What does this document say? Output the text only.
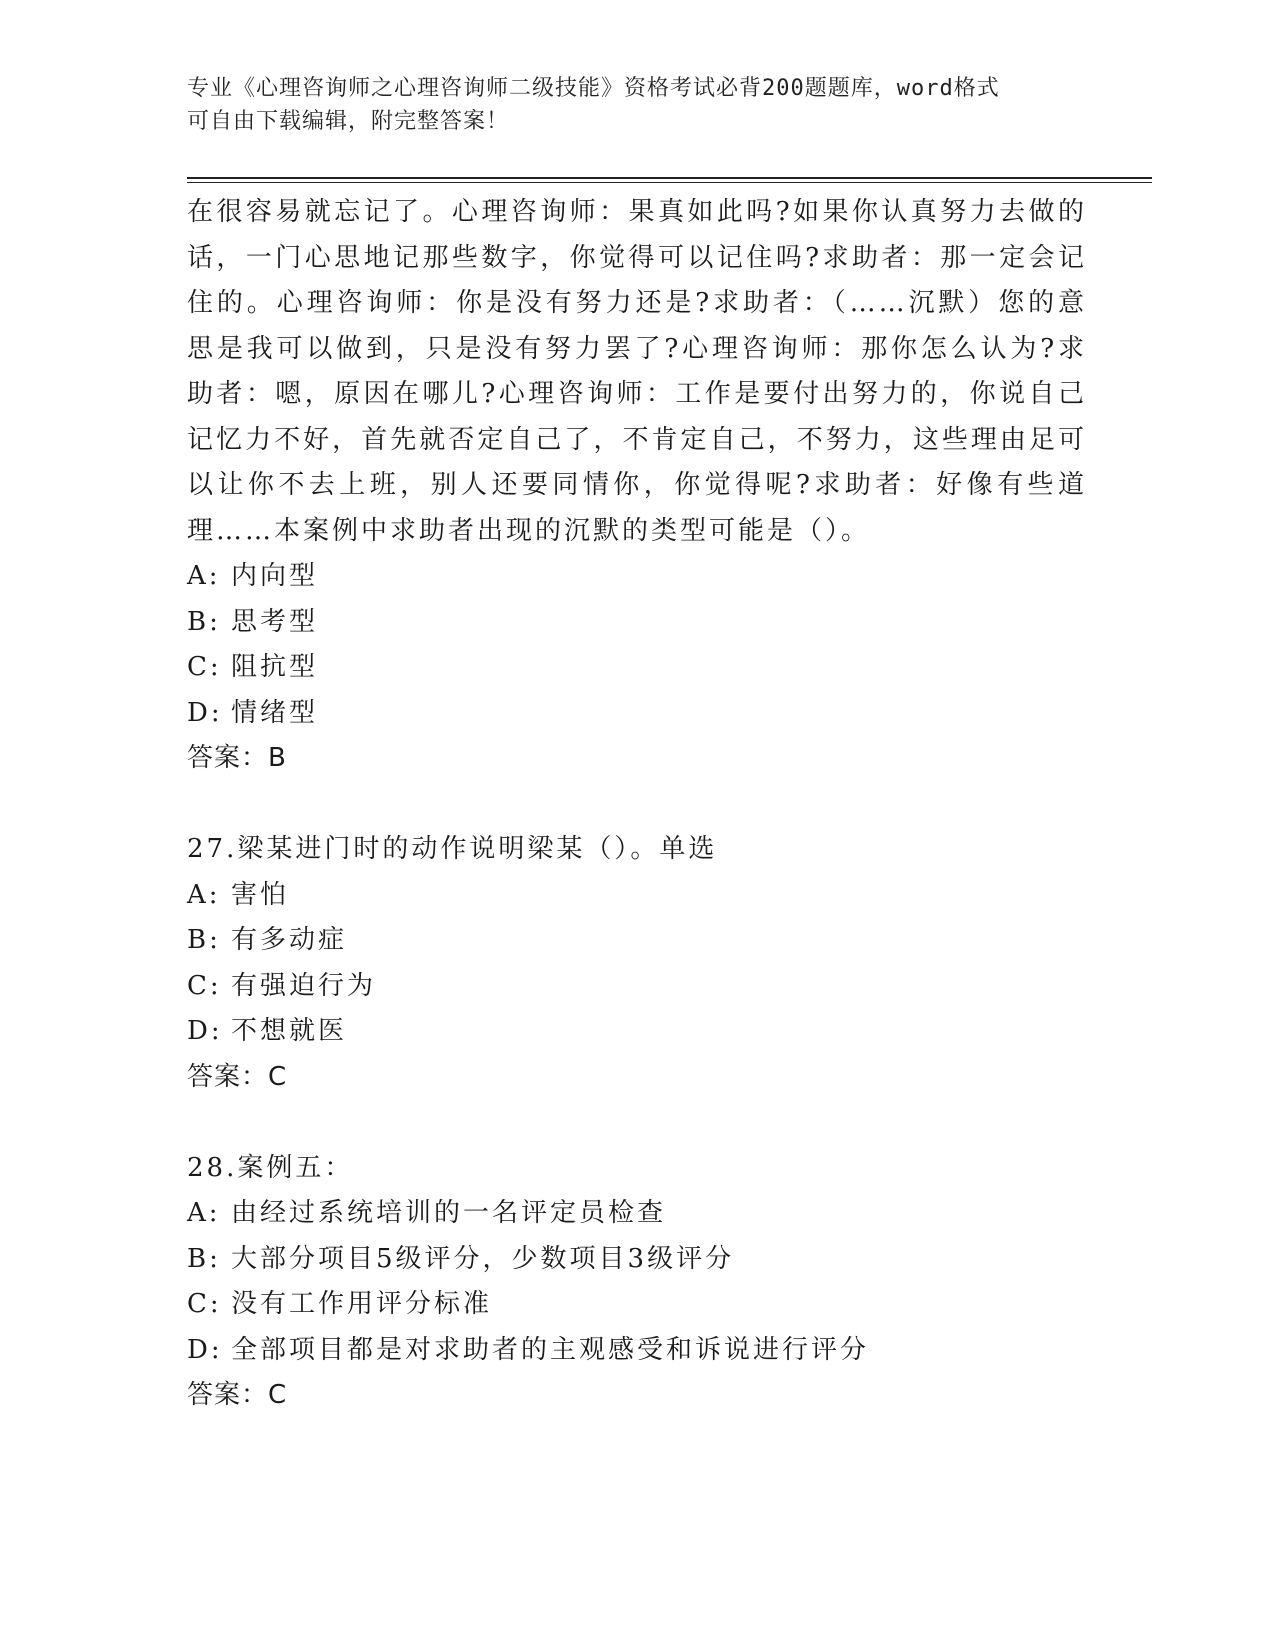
专业《心理咨询师之心理咨询师二级技能》资格考试必背200题题库，word格式
可自由下载编辑，附完整答案！

在很容易就忘记了。心理咨询师：果真如此吗?如果你认真努力去做的话，一门心思地记那些数字，你觉得可以记住吗?求助者：那一定会记住的。心理咨询师：你是没有努力还是?求助者：（……沉默）您的意思是我可以做到，只是没有努力罢了?心理咨询师：那你怎么认为?求助者：嗯，原因在哪儿?心理咨询师：工作是要付出努力的，你说自己记忆力不好，首先就否定自己了，不肯定自己，不努力，这些理由足可以让你不去上班，别人还要同情你，你觉得呢?求助者：好像有些道理……本案例中求助者出现的沉默的类型可能是（）。

A: 内向型
B: 思考型
C: 阻抗型
D: 情绪型
答案：B
27.梁某进门时的动作说明梁某（）。单选
A: 害怕
B: 有多动症
C: 有强迫行为
D: 不想就医
答案：C
28.案例五：
A: 由经过系统培训的一名评定员检查
B: 大部分项目5级评分，少数项目3级评分
C: 没有工作用评分标准
D: 全部项目都是对求助者的主观感受和诉说进行评分
答案：C
